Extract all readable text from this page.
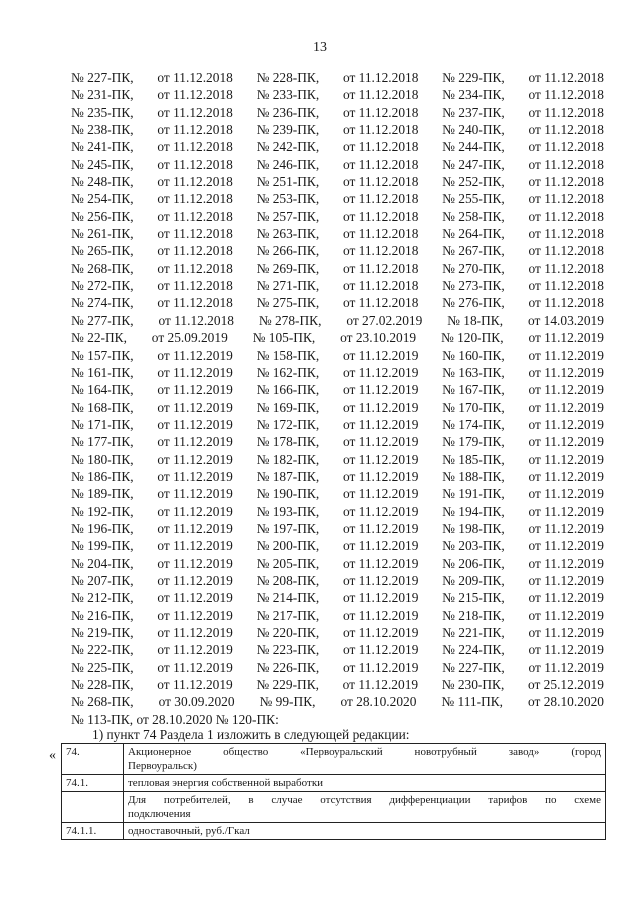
13
№ 227-ПК, от 11.12.2018 № 228-ПК, от 11.12.2018 № 229-ПК, от 11.12.2018
№ 231-ПК, от 11.12.2018 № 233-ПК, от 11.12.2018 № 234-ПК, от 11.12.2018
№ 235-ПК, от 11.12.2018 № 236-ПК, от 11.12.2018 № 237-ПК, от 11.12.2018
№ 238-ПК, от 11.12.2018 № 239-ПК, от 11.12.2018 № 240-ПК, от 11.12.2018
№ 241-ПК, от 11.12.2018 № 242-ПК, от 11.12.2018 № 244-ПК, от 11.12.2018
№ 245-ПК, от 11.12.2018 № 246-ПК, от 11.12.2018 № 247-ПК, от 11.12.2018
№ 248-ПК, от 11.12.2018 № 251-ПК, от 11.12.2018 № 252-ПК, от 11.12.2018
№ 254-ПК, от 11.12.2018 № 253-ПК, от 11.12.2018 № 255-ПК, от 11.12.2018
№ 256-ПК, от 11.12.2018 № 257-ПК, от 11.12.2018 № 258-ПК, от 11.12.2018
№ 261-ПК, от 11.12.2018 № 263-ПК, от 11.12.2018 № 264-ПК, от 11.12.2018
№ 265-ПК, от 11.12.2018 № 266-ПК, от 11.12.2018 № 267-ПК, от 11.12.2018
№ 268-ПК, от 11.12.2018 № 269-ПК, от 11.12.2018 № 270-ПК, от 11.12.2018
№ 272-ПК, от 11.12.2018 № 271-ПК, от 11.12.2018 № 273-ПК, от 11.12.2018
№ 274-ПК, от 11.12.2018 № 275-ПК, от 11.12.2018 № 276-ПК, от 11.12.2018
№ 277-ПК, от 11.12.2018 № 278-ПК, от 27.02.2019 № 18-ПК, от 14.03.2019
№ 22-ПК, от 25.09.2019 № 105-ПК, от 23.10.2019 № 120-ПК, от 11.12.2019
№ 157-ПК, от 11.12.2019 № 158-ПК, от 11.12.2019 № 160-ПК, от 11.12.2019
№ 161-ПК, от 11.12.2019 № 162-ПК, от 11.12.2019 № 163-ПК, от 11.12.2019
№ 164-ПК, от 11.12.2019 № 166-ПК, от 11.12.2019 № 167-ПК, от 11.12.2019
№ 168-ПК, от 11.12.2019 № 169-ПК, от 11.12.2019 № 170-ПК, от 11.12.2019
№ 171-ПК, от 11.12.2019 № 172-ПК, от 11.12.2019 № 174-ПК, от 11.12.2019
№ 177-ПК, от 11.12.2019 № 178-ПК, от 11.12.2019 № 179-ПК, от 11.12.2019
№ 180-ПК, от 11.12.2019 № 182-ПК, от 11.12.2019 № 185-ПК, от 11.12.2019
№ 186-ПК, от 11.12.2019 № 187-ПК, от 11.12.2019 № 188-ПК, от 11.12.2019
№ 189-ПК, от 11.12.2019 № 190-ПК, от 11.12.2019 № 191-ПК, от 11.12.2019
№ 192-ПК, от 11.12.2019 № 193-ПК, от 11.12.2019 № 194-ПК, от 11.12.2019
№ 196-ПК, от 11.12.2019 № 197-ПК, от 11.12.2019 № 198-ПК, от 11.12.2019
№ 199-ПК, от 11.12.2019 № 200-ПК, от 11.12.2019 № 203-ПК, от 11.12.2019
№ 204-ПК, от 11.12.2019 № 205-ПК, от 11.12.2019 № 206-ПК, от 11.12.2019
№ 207-ПК, от 11.12.2019 № 208-ПК, от 11.12.2019 № 209-ПК, от 11.12.2019
№ 212-ПК, от 11.12.2019 № 214-ПК, от 11.12.2019 № 215-ПК, от 11.12.2019
№ 216-ПК, от 11.12.2019 № 217-ПК, от 11.12.2019 № 218-ПК, от 11.12.2019
№ 219-ПК, от 11.12.2019 № 220-ПК, от 11.12.2019 № 221-ПК, от 11.12.2019
№ 222-ПК, от 11.12.2019 № 223-ПК, от 11.12.2019 № 224-ПК, от 11.12.2019
№ 225-ПК, от 11.12.2019 № 226-ПК, от 11.12.2019 № 227-ПК, от 11.12.2019
№ 228-ПК, от 11.12.2019 № 229-ПК, от 11.12.2019 № 230-ПК, от 25.12.2019
№ 268-ПК, от 30.09.2020 № 99-ПК, от 28.10.2020 № 111-ПК, от 28.10.2020
№ 113-ПК, от 28.10.2020 № 120-ПК:
1) пункт 74 Раздела 1 изложить в следующей редакции:
« 74.	Акционерное общество «Первоуральский новотрубный завод» (город
Первоуральск)

74.1.	тепловая энергия собственной выработки

	Для потребителей, в случае отсутствия дифференциации тарифов по схеме
подключения

74.1.1.	одноставочный, руб./Гкал
